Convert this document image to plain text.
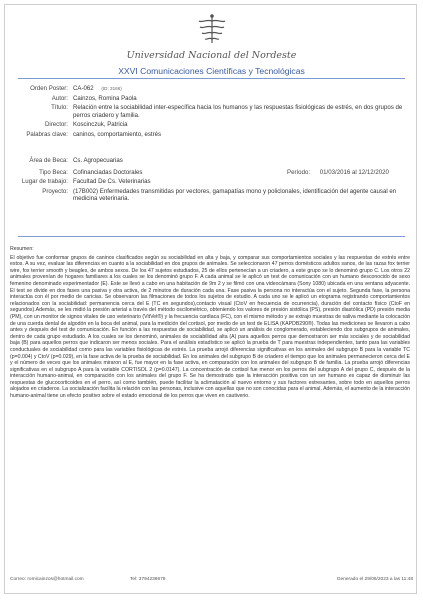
Universidad Nacional del Nordeste
XXVI Comunicaciones Científicas y Tecnológicas
Orden Poster: CA-062 (ID: 3166)
Autor: Cainzos, Romina Paola
Título: Relación entre la sociabilidad inter-específica hacia los humanos y las respuestas fisiológicas de estrés, en dos grupos de perros criadero y familia.
Director: Koscinczuk, Patricia
Palabras clave: caninos, comportamiento, estrés
Área de Beca: Cs. Agropecuarias
Tipo Beca: Cofinanciadas Doctorales	Período: 01/03/2016 al 12/12/2020
Lugar de trabajo: Facultad De Cs. Veterinarias
Proyecto: (17B002) Enfermedades transmitidas por vectores, gamapatías mono y policlonales, identificación del agente causal en medicina veterinaria.
Resumen:

El objetivo fue conformar grupos de caninos clasificados según su sociabilidad en alta y baja, y comparar sus comportamientos sociales y las respuestas de estrés entre estos. A su vez, evaluar las diferencias en cuanto a la sociabilidad en dos grupos de animales. Se seleccionaron 47 perros domésticos adultos sanos, de las razas fox terrier wire, fox terrier smooth y beagles, de ambos sexos. De los 47 sujetos estudiados, 25 de ellos pertenecían a un criadero, a este grupo se lo denominó grupo C. Los otros 22 animales provenían de hogares familiares a los cuales se los denominó grupo F. A cada animal se le aplicó un test de comunicación con un humano desconocido de sexo femenino denominado experimentador (E). Este se llevó a cabo en una habitación de 9m 2 y se filmó con una videocámara (Sony 1080) ubicada en una ventana adyacente. El test se divide en dos fases una pasiva y otra activa, de 2 minutos de duración cada una. Fase pasiva la persona no interactúa con el sujeto. Segunda fase, la persona interactúa con él por medio de caricias. Se observaron las filmaciones de todos los sujetos de estudio. A cada uno se le aplicó un etograma registrando comportamientos relacionados con la sociabilidad: permanencia cerca del E (TC en segundos),contacto visual (CtoV en frecuencia de ocurrencia), duración del contacto físico (CtoF en segundos).Además, se les midió la presión arterial a través del método oscilométrico, obteniendo los valores de presión sistólica (PS), presión diastólica (PD) presión media (PM), con un monitor de signos vitales de uso veterinario (VitVet®) y la frecuencia cardiaca (FC), con el mismo método y se extrajo muestras de saliva mediante la colocación de una cuerda dental de algodón en la boca del animal, para la medición del cortisol, por medio de un test de ELISA (KAPDB290®). Todas las mediciones se llevaron a cabo antes y después del test de comunicación. En función a las respuestas de sociabilidad, se aplicó un análisis de conglomerado, estableciendo dos subgrupos de animales, dentro de cada grupo estudiado. A los cuales se los denominó, animales de sociabilidad alta (A) para aquellos perros que demostraron ser más sociales y de sociabilidad baja (B) para aquellos perros que indicaron ser menos sociales. Para el análisis estadístico se aplicó la prueba de T para muestras independientes, tanto para las variables conductuales de sociabilidad como para las variables fisiológicas de estrés. La prueba arrojó diferencias significativas en los animales del subgrupo B para la variable TC (p=0.004) y CtoV (p=0.029), en la fase activa de la prueba de sociabilidad. En los animales del subgrupo B de criadero el tiempo que los animales permanecieron cerca del E y el número de veces que los animales miraron al E, fue mayor en la fase activa, en comparación con los animales del subgrupo B de familia. La prueba arrojó diferencias significativas en el subgrupo A para la variable CORTISOL 2 (p=0.0147). La concentración de cortisol fue menor en los perros del subgrupo A del grupo C, después de la interacción humano-animal, en comparación con los animales del grupo F. Se ha demostrado que la interacción positiva con un ser humano es capaz de disminuir las respuestas de glucocorticoides en el perro, así como también, puede facilitar la aclimatación al nuevo entorno y sus factores estresantes, sobre todo en aquellos perros alojados en criaderos. La socialización facilita la relación con las personas, inclusive con aquellas que no son conocidas para el animal. Además, el aumento de la interacción humano-animal tiene un efecto positivo sobre el estado emocional de los perros que viven en cautiverio.

Correo: romicainzos@hotmail.com	Tel: 3794238679	Generado el 29/06/2023 a las 11:48
